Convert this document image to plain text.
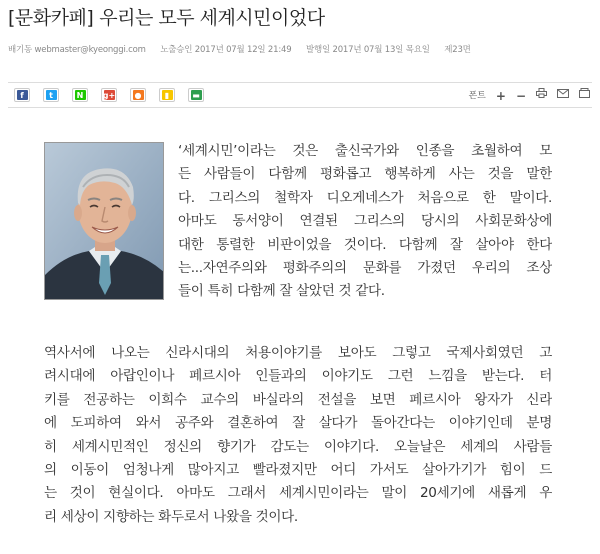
[문화카페] 우리는 모두 세계시민이었다
배기동 webmaster@kyeonggi.com 노출승인 2017년 07월 12일 21:49 발행일 2017년 07월 13일 목요일 제23면
f	t	N g+ ●	▮	▬	폰트 + −
‘세계시민’이라는 것은 출신국가와 인종을 초월하여 모
든 사람들이 다함께 평화롭고 행복하게 사는 것을 말한
다. 그리스의 철학자 디오게네스가 처음으로 한 말이다.
아마도 동서양이 연결된 그리스의 당시의 사회문화상에
대한 통렬한 비판이었을 것이다. 다함께 잘 살아야 한다
는...자연주의와 평화주의의 문화를 가졌던 우리의 조상
들이 특히 다함께 잘 살았던 것 같다.
역사서에 나오는 신라시대의 처용이야기를 보아도 그렇고 국제사회였던 고
려시대에 아랍인이나 페르시아 인들과의 이야기도 그런 느낌을 받는다. 터
키를 전공하는 이희수 교수의 바실라의 전설을 보면 페르시아 왕자가 신라
에 도피하여 와서 공주와 결혼하여 잘 살다가 돌아간다는 이야기인데 분명
히 세계시민적인 정신의 향기가 감도는 이야기다. 오늘날은 세계의 사람들
의 이동이 엄청나게 많아지고 빨라졌지만 어디 가서도 살아가기가 힘이 드
는 것이 현실이다. 아마도 그래서 세계시민이라는 말이 20세기에 새롭게 우
리 세상이 지향하는 화두로서 나왔을 것이다.
